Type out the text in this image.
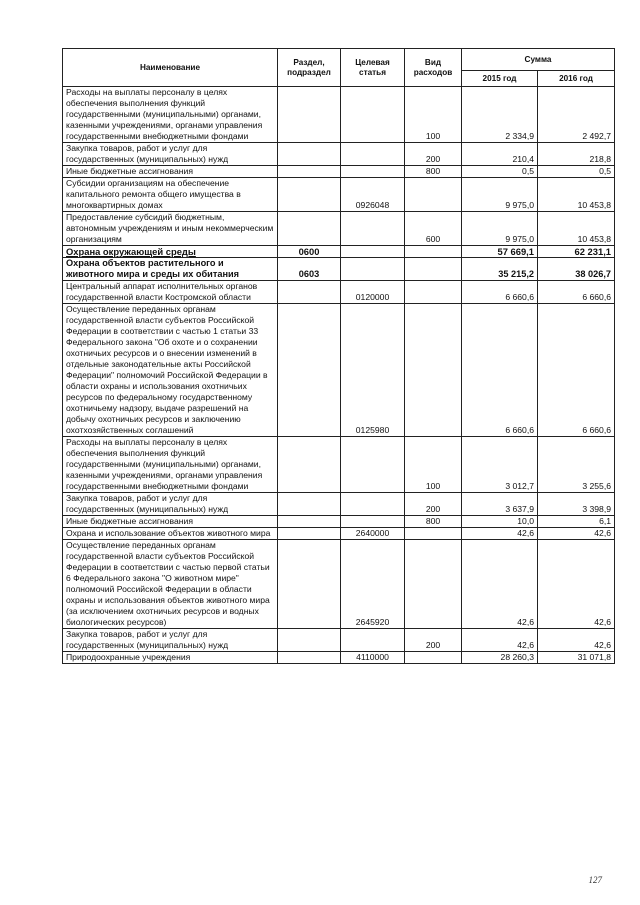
Наименование	Раздел, подраздел	Целевая статья	Вид расходов	Сумма	
				2015 год	2016 год
Расходы на выплаты персоналу в целях обеспечения выполнения функций государственными (муниципальными) органами, казенными учреждениями, органами управления государственными внебюджетными фондами			100	2 334,9	2 492,7
Закупка товаров, работ и услуг для государственных (муниципальных) нужд			200	210,4	218,8
Иные бюджетные ассигнования			800	0,5	0,5
Субсидии организациям на обеспечение капитального ремонта общего имущества в многоквартирных домах		0926048		9 975,0	10 453,8
Предоставление субсидий бюджетным, автономным учреждениям и иным некоммерческим организациям			600	9 975,0	10 453,8
Охрана окружающей среды	0600			57 669,1	62 231,1
Охрана объектов растительного и животного мира и среды их обитания	0603			35 215,2	38 026,7
Центральный аппарат исполнительных органов государственной власти Костромской области		0120000		6 660,6	6 660,6
Осуществление переданных органам государственной власти субъектов Российской Федерации в соответствии с частью 1 статьи 33 Федерального закона "Об охоте и о сохранении охотничьих ресурсов и о внесении изменений в отдельные законодательные акты Российской Федерации" полномочий Российской Федерации в области охраны и использования охотничьих ресурсов по федеральному государственному охотничьему надзору, выдаче разрешений на добычу охотничьих ресурсов и заключению охотхозяйственных соглашений		0125980		6 660,6	6 660,6
Расходы на выплаты персоналу в целях обеспечения выполнения функций государственными (муниципальными) органами, казенными учреждениями, органами управления государственными внебюджетными фондами			100	3 012,7	3 255,6
Закупка товаров, работ и услуг для государственных (муниципальных) нужд			200	3 637,9	3 398,9
Иные бюджетные ассигнования			800	10,0	6,1
Охрана и использование объектов животного мира		2640000		42,6	42,6
Осуществление переданных органам государственной власти субъектов Российской Федерации в соответствии с частью первой статьи 6 Федерального закона "О животном мире" полномочий Российской Федерации в области охраны и использования объектов животного мира (за исключением охотничьих ресурсов и водных биологических ресурсов)		2645920		42,6	42,6
Закупка товаров, работ и услуг для государственных (муниципальных) нужд			200	42,6	42,6
Природоохранные учреждения		4110000		28 260,3	31 071,8
127
